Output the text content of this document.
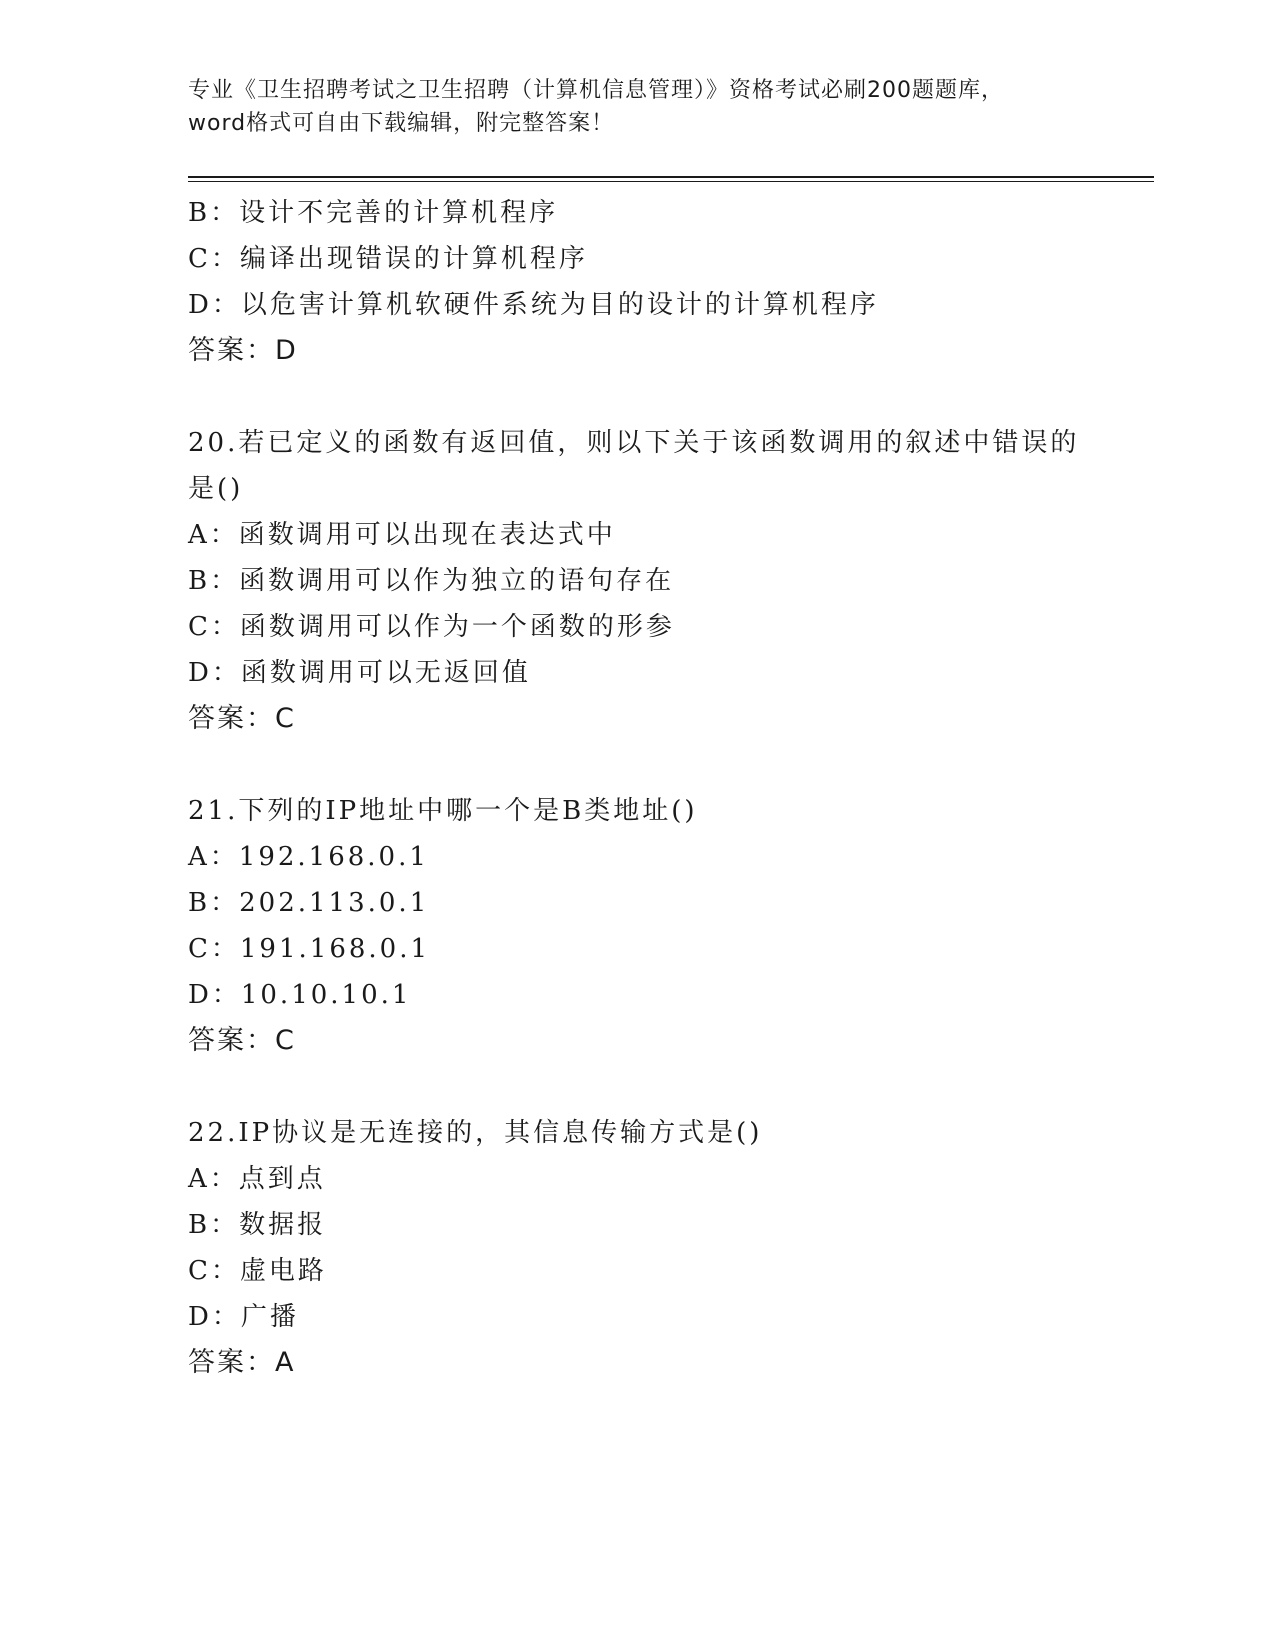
专业《卫生招聘考试之卫生招聘（计算机信息管理）》资格考试必刷200题题库，
word格式可自由下载编辑，附完整答案！
B：设计不完善的计算机程序
C：编译出现错误的计算机程序
D：以危害计算机软硬件系统为目的设计的计算机程序
答案：D
20.若已定义的函数有返回值，则以下关于该函数调用的叙述中错误的
是()
A：函数调用可以出现在表达式中
B：函数调用可以作为独立的语句存在
C：函数调用可以作为一个函数的形参
D：函数调用可以无返回值
答案：C
21.下列的IP地址中哪一个是B类地址()
A：192.168.0.1
B：202.113.0.1
C：191.168.0.1
D：10.10.10.1
答案：C
22.IP协议是无连接的，其信息传输方式是()
A：点到点
B：数据报
C：虚电路
D：广播
答案：A
